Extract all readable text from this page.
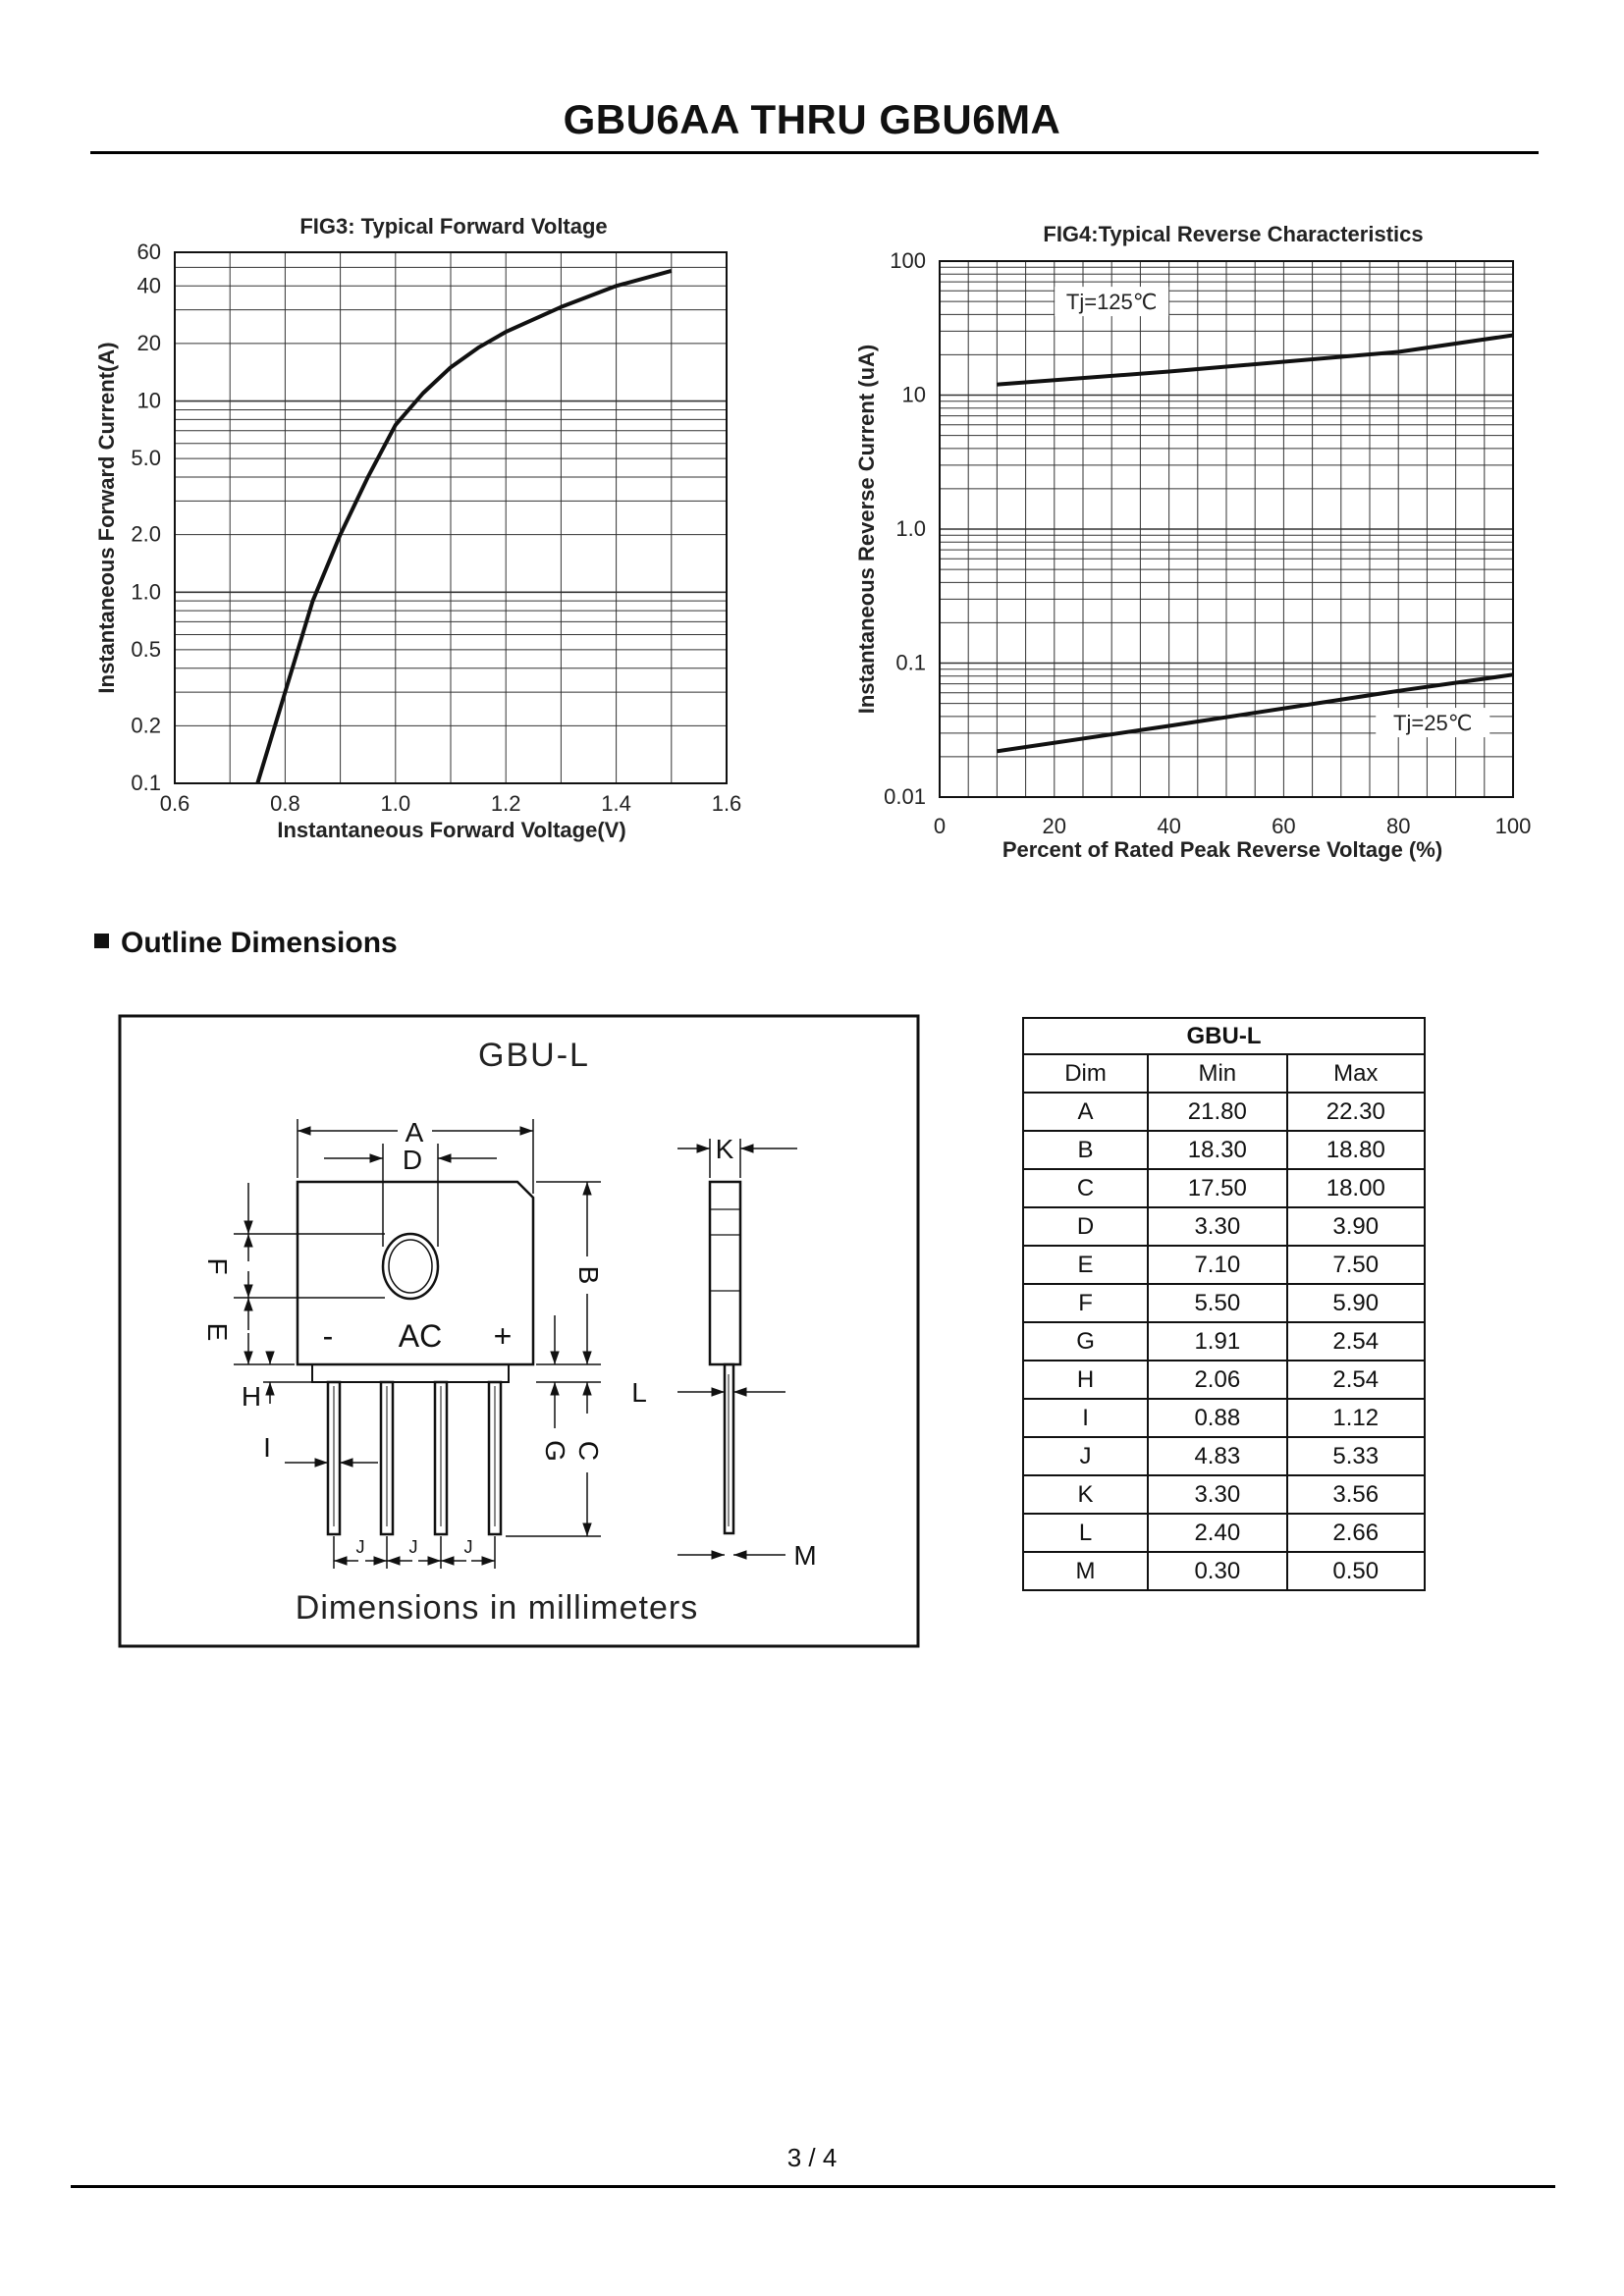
GBU6AA THRU GBU6MA
0.6	0.8	1.0	1.2	1.4	1.6
60
40
20
10
5.0
2.0
1.0
0.5
0.2
0.1
FIG3: Typical Forward Voltage
Instantaneous Forward Voltage(V)
Instantaneous Forward Current(A)
0	20	40	60	80	100
100
10
1.0
0.1
0.01
FIG4:Typical Reverse Characteristics
Percent of Rated Peak Reverse Voltage (%)
Instantaneous Reverse Current (uA)
Tj=125℃
Tj=25℃
Outline Dimensions
GBU-L
- AC +
A
D
F
E
B
G C
H
I
J	J	J
K
L
M
Dimensions in millimeters
GBU-L		
Dim	Min	Max
A	21.80	22.30
B	18.30	18.80
C	17.50	18.00
D	3.30	3.90
E	7.10	7.50
F	5.50	5.90
G	1.91	2.54
H	2.06	2.54
I	0.88	1.12
J	4.83	5.33
K	3.30	3.56
L	2.40	2.66
M	0.30	0.50
3 / 4
